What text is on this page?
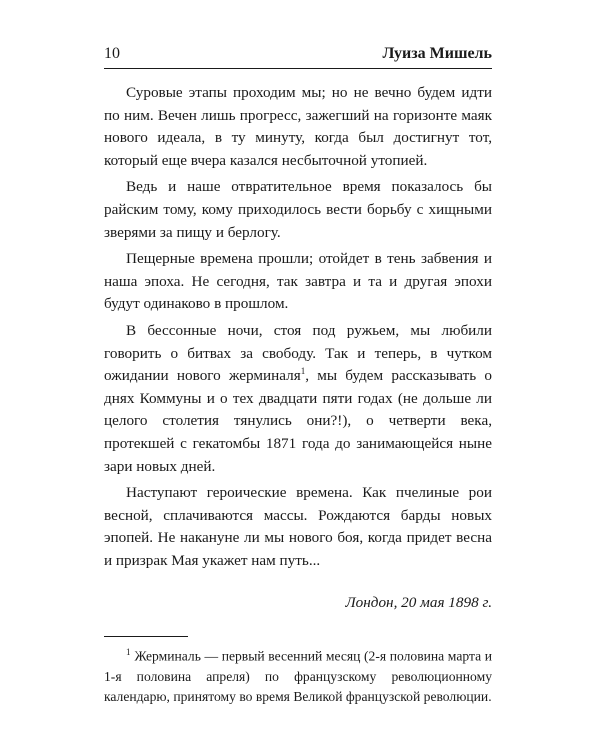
10	Луиза Мишель

Суровые этапы проходим мы; но не вечно будем идти по ним. Вечен лишь прогресс, зажегший на горизонте маяк нового идеала, в ту минуту, когда был достигнут тот, который еще вчера казался несбыточной утопией.

Ведь и наше отвратительное время показалось бы райским тому, кому приходилось вести борьбу с хищными зверями за пищу и берлогу.

Пещерные времена прошли; отойдет в тень забвения и наша эпоха. Не сегодня, так завтра и та и другая эпохи будут одинаково в прошлом.

В бессонные ночи, стоя под ружьем, мы любили говорить о битвах за свободу. Так и теперь, в чутком ожидании нового жерминаля$^1$, мы будем рассказывать о днях Коммуны и о тех двадцати пяти годах (не дольше ли целого столетия тянулись они?!), о четверти века, протекшей с гекатомбы 1871 года до занимающейся ныне зари новых дней.

Наступают героические времена. Как пчелиные рои весной, сплачиваются массы. Рождаются барды новых эпопей. Не накануне ли мы нового боя, когда придет весна и призрак Мая укажет нам путь...

Лондон, 20 мая 1898 г.
$^1$ Жерминаль — первый весенний месяц (2-я половина марта и 1-я половина апреля) по французскому революционному календарю, принятому во время Великой французской революции.
